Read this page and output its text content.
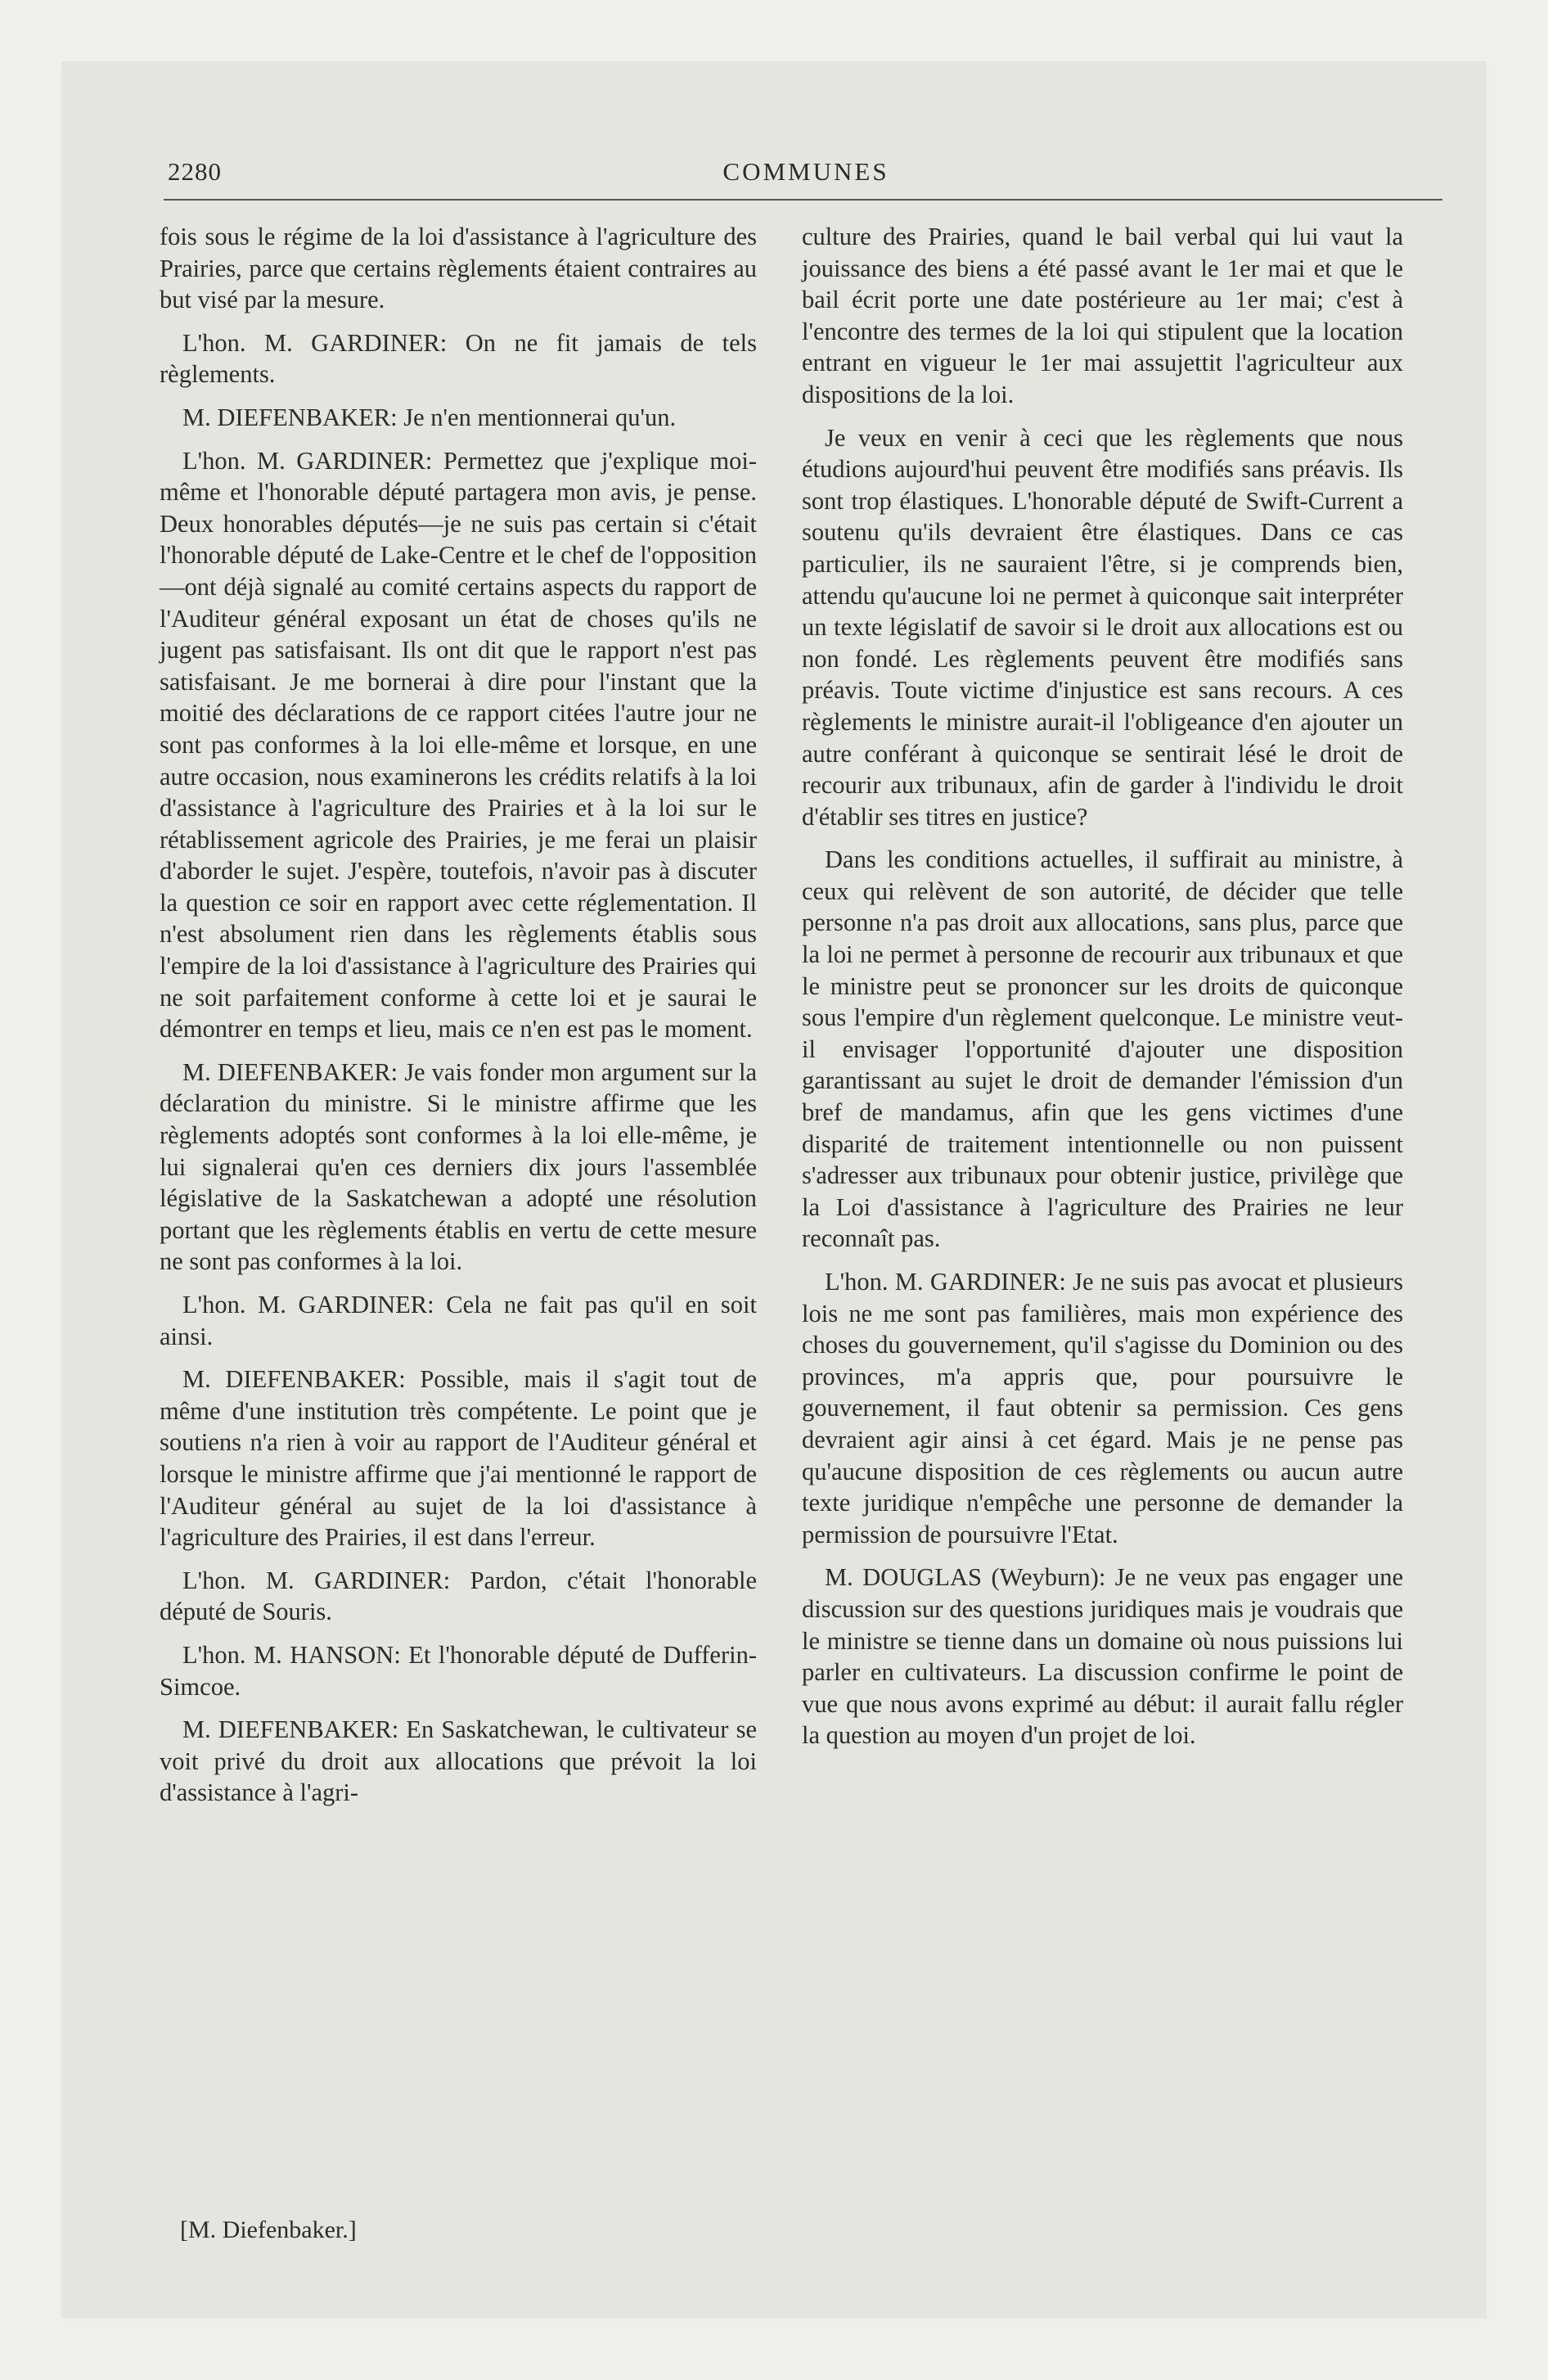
2280	COMMUNES

fois sous le régime de la loi d'assistance à l'agriculture des Prairies, parce que certains règlements étaient contraires au but visé par la mesure.

L'hon. M. GARDINER: On ne fit jamais de tels règlements.

M. DIEFENBAKER: Je n'en mentionnerai qu'un.

L'hon. M. GARDINER: Permettez que j'explique moi-même et l'honorable député partagera mon avis, je pense. Deux honorables députés—je ne suis pas certain si c'était l'honorable député de Lake-Centre et le chef de l'opposition—ont déjà signalé au comité certains aspects du rapport de l'Auditeur général exposant un état de choses qu'ils ne jugent pas satisfaisant. Ils ont dit que le rapport n'est pas satisfaisant. Je me bornerai à dire pour l'instant que la moitié des déclarations de ce rapport citées l'autre jour ne sont pas conformes à la loi elle-même et lorsque, en une autre occasion, nous examinerons les crédits relatifs à la loi d'assistance à l'agriculture des Prairies et à la loi sur le rétablissement agricole des Prairies, je me ferai un plaisir d'aborder le sujet. J'espère, toutefois, n'avoir pas à discuter la question ce soir en rapport avec cette réglementation. Il n'est absolument rien dans les règlements établis sous l'empire de la loi d'assistance à l'agriculture des Prairies qui ne soit parfaitement conforme à cette loi et je saurai le démontrer en temps et lieu, mais ce n'en est pas le moment.

M. DIEFENBAKER: Je vais fonder mon argument sur la déclaration du ministre. Si le ministre affirme que les règlements adoptés sont conformes à la loi elle-même, je lui signalerai qu'en ces derniers dix jours l'assemblée législative de la Saskatchewan a adopté une résolution portant que les règlements établis en vertu de cette mesure ne sont pas conformes à la loi.

L'hon. M. GARDINER: Cela ne fait pas qu'il en soit ainsi.

M. DIEFENBAKER: Possible, mais il s'agit tout de même d'une institution très compétente. Le point que je soutiens n'a rien à voir au rapport de l'Auditeur général et lorsque le ministre affirme que j'ai mentionné le rapport de l'Auditeur général au sujet de la loi d'assistance à l'agriculture des Prairies, il est dans l'erreur.

L'hon. M. GARDINER: Pardon, c'était l'honorable député de Souris.

L'hon. M. HANSON: Et l'honorable député de Dufferin-Simcoe.

M. DIEFENBAKER: En Saskatchewan, le cultivateur se voit privé du droit aux allocations que prévoit la loi d'assistance à l'agri-

culture des Prairies, quand le bail verbal qui lui vaut la jouissance des biens a été passé avant le 1er mai et que le bail écrit porte une date postérieure au 1er mai; c'est à l'encontre des termes de la loi qui stipulent que la location entrant en vigueur le 1er mai assujettit l'agriculteur aux dispositions de la loi.

Je veux en venir à ceci que les règlements que nous étudions aujourd'hui peuvent être modifiés sans préavis. Ils sont trop élastiques. L'honorable député de Swift-Current a soutenu qu'ils devraient être élastiques. Dans ce cas particulier, ils ne sauraient l'être, si je comprends bien, attendu qu'aucune loi ne permet à quiconque sait interpréter un texte législatif de savoir si le droit aux allocations est ou non fondé. Les règlements peuvent être modifiés sans préavis. Toute victime d'injustice est sans recours. A ces règlements le ministre aurait-il l'obligeance d'en ajouter un autre conférant à quiconque se sentirait lésé le droit de recourir aux tribunaux, afin de garder à l'individu le droit d'établir ses titres en justice?

Dans les conditions actuelles, il suffirait au ministre, à ceux qui relèvent de son autorité, de décider que telle personne n'a pas droit aux allocations, sans plus, parce que la loi ne permet à personne de recourir aux tribunaux et que le ministre peut se prononcer sur les droits de quiconque sous l'empire d'un règlement quelconque. Le ministre veut-il envisager l'opportunité d'ajouter une disposition garantissant au sujet le droit de demander l'émission d'un bref de mandamus, afin que les gens victimes d'une disparité de traitement intentionnelle ou non puissent s'adresser aux tribunaux pour obtenir justice, privilège que la Loi d'assistance à l'agriculture des Prairies ne leur reconnaît pas.

L'hon. M. GARDINER: Je ne suis pas avocat et plusieurs lois ne me sont pas familières, mais mon expérience des choses du gouvernement, qu'il s'agisse du Dominion ou des provinces, m'a appris que, pour poursuivre le gouvernement, il faut obtenir sa permission. Ces gens devraient agir ainsi à cet égard. Mais je ne pense pas qu'aucune disposition de ces règlements ou aucun autre texte juridique n'empêche une personne de demander la permission de poursuivre l'Etat.

M. DOUGLAS (Weyburn): Je ne veux pas engager une discussion sur des questions juridiques mais je voudrais que le ministre se tienne dans un domaine où nous puissions lui parler en cultivateurs. La discussion confirme le point de vue que nous avons exprimé au début: il aurait fallu régler la question au moyen d'un projet de loi.

[M. Diefenbaker.]
